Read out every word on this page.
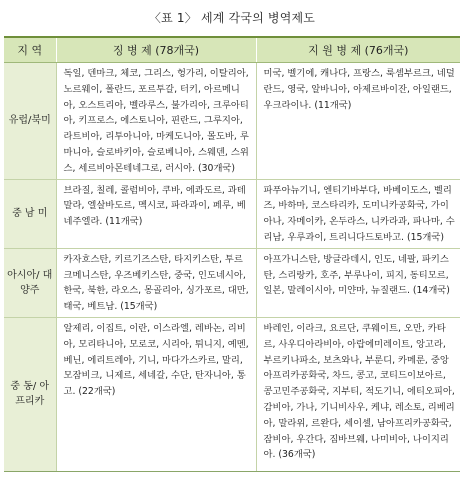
〈표 1〉 세계 각국의 병역제도
지 역	징 병 제 (78개국)	지 원 병 제 (76개국)
유럽/북미	독일, 덴마크, 체코, 그리스, 헝가리, 이탈리아, 노르웨이, 폴란드, 포르투갈, 터키, 아르메니아, 오스트리아, 벨라루스, 불가리아, 크루아티아, 키프로스, 에스토니아, 핀란드, 그루지아, 라트비아, 리투아니아, 마케도니아, 몰도바, 루마니아, 슬로바키아, 슬로베니아, 스웨덴, 스위스, 세르비아몬테네그로, 러시아. (30개국)	미국, 벨기에, 캐나다, 프랑스, 룩셈부르크, 네덜란드, 영국, 알바니아, 아제르바이잔, 아일랜드, 우크라이나. (11개국)
중 남 미	브라질, 칠레, 콜럼비아, 쿠바, 에콰도르, 과테말라, 엘살바도르, 멕시코, 파라과이, 페루, 베네주엘라. (11개국)	파푸아뉴기니, 엔티기바부다, 바베이도스, 벨리즈, 바하마, 코스타리카, 도미니카공화국, 가이아나, 자메이카, 온두라스, 니카라과, 파나마, 수리남, 우루과이, 트리니다드토바고. (15개국)
아시아/ 대양주	카자흐스탄, 키르기즈스탄, 타지키스탄, 투르크메니스탄, 우즈베키스탄, 중국, 인도네시아, 한국, 북한, 라오스, 몽골리아, 싱가포르, 대만, 태국, 베트남. (15개국)	아프가니스탄, 방글라데시, 인도, 네팔, 파키스탄, 스리랑카, 호주, 부루나이, 피지, 동티모르, 일본, 말레이시아, 미얀마, 뉴질랜드. (14개국)
중 동/ 아프리카	알제리, 이집트, 이란, 이스라엘, 레바논, 리비아, 모리타니아, 모로코, 시리아, 튀니지, 예멘, 베닌, 에리트레아, 기니, 마다가스카르, 말리, 모잠비크, 니제르, 세네갈, 수단, 탄자니아, 통고. (22개국)	바레인, 이라크, 요르단, 쿠웨이트, 오만, 카타르, 사우디아라비아, 아랍에미레이트, 앙고라, 부르키나파소, 보츠와나, 부룬디, 카메룬, 중앙아프리카공화국, 차드, 콩고, 코티드이보아르, 콩고민주공화국, 지부티, 적도기니, 에티오피아, 감비아, 가나, 기니비사우, 케냐, 레소토, 리베리아, 말라위, 르완다, 세이셀, 남아프리카공화국, 잠비아, 우간다, 짐바브웨, 나미비아, 나이지리아. (36개국)
